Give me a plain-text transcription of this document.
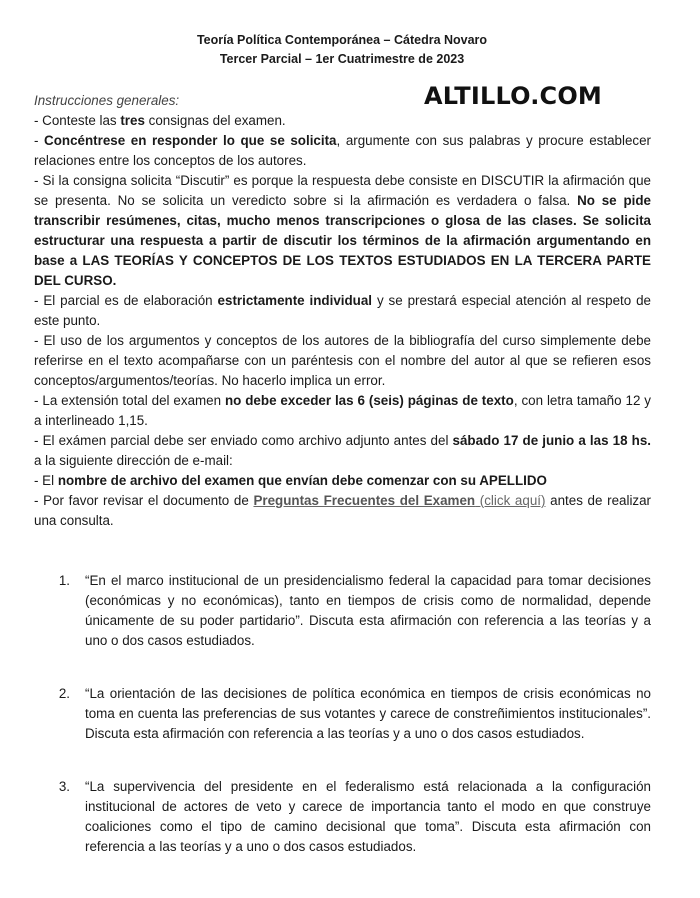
Teoría Política Contemporánea – Cátedra Novaro
Tercer Parcial – 1er Cuatrimestre de 2023
ALTILLO.COM

Instrucciones generales:

- Conteste las tres consignas del examen.

- Concéntrese en responder lo que se solicita, argumente con sus palabras y procure establecer relaciones entre los conceptos de los autores.

- Si la consigna solicita “Discutir” es porque la respuesta debe consiste en DISCUTIR la afirmación que se presenta. No se solicita un veredicto sobre si la afirmación es verdadera o falsa. No se pide transcribir resúmenes, citas, mucho menos transcripciones o glosa de las clases. Se solicita estructurar una respuesta a partir de discutir los términos de la afirmación argumentando en base a LAS TEORÍAS Y CONCEPTOS DE LOS TEXTOS ESTUDIADOS EN LA TERCERA PARTE DEL CURSO.

- El parcial es de elaboración estrictamente individual y se prestará especial atención al respeto de este punto.

- El uso de los argumentos y conceptos de los autores de la bibliografía del curso simplemente debe referirse en el texto acompañarse con un paréntesis con el nombre del autor al que se refieren esos conceptos/argumentos/teorías. No hacerlo implica un error.

- La extensión total del examen no debe exceder las 6 (seis) páginas de texto, con letra tamaño 12 y a interlineado 1,15.

- El exámen parcial debe ser enviado como archivo adjunto antes del sábado 17 de junio a las 18 hs. a la siguiente dirección de e-mail:

- El nombre de archivo del examen que envían debe comenzar con su APELLIDO

- Por favor revisar el documento de Preguntas Frecuentes del Examen (click aquí) antes de realizar una consulta.

1.	“En el marco institucional de un presidencialismo federal la capacidad para tomar decisiones (económicas y no económicas), tanto en tiempos de crisis como de normalidad, depende únicamente de su poder partidario”. Discuta esta afirmación con referencia a las teorías y a uno o dos casos estudiados.
2.	“La orientación de las decisiones de política económica en tiempos de crisis económicas no toma en cuenta las preferencias de sus votantes y carece de constreñimientos institucionales”. Discuta esta afirmación con referencia a las teorías y a uno o dos casos estudiados.
3.	“La supervivencia del presidente en el federalismo está relacionada a la configuración institucional de actores de veto y carece de importancia tanto el modo en que construye coaliciones como el tipo de camino decisional que toma”. Discuta esta afirmación con referencia a las teorías y a uno o dos casos estudiados.
